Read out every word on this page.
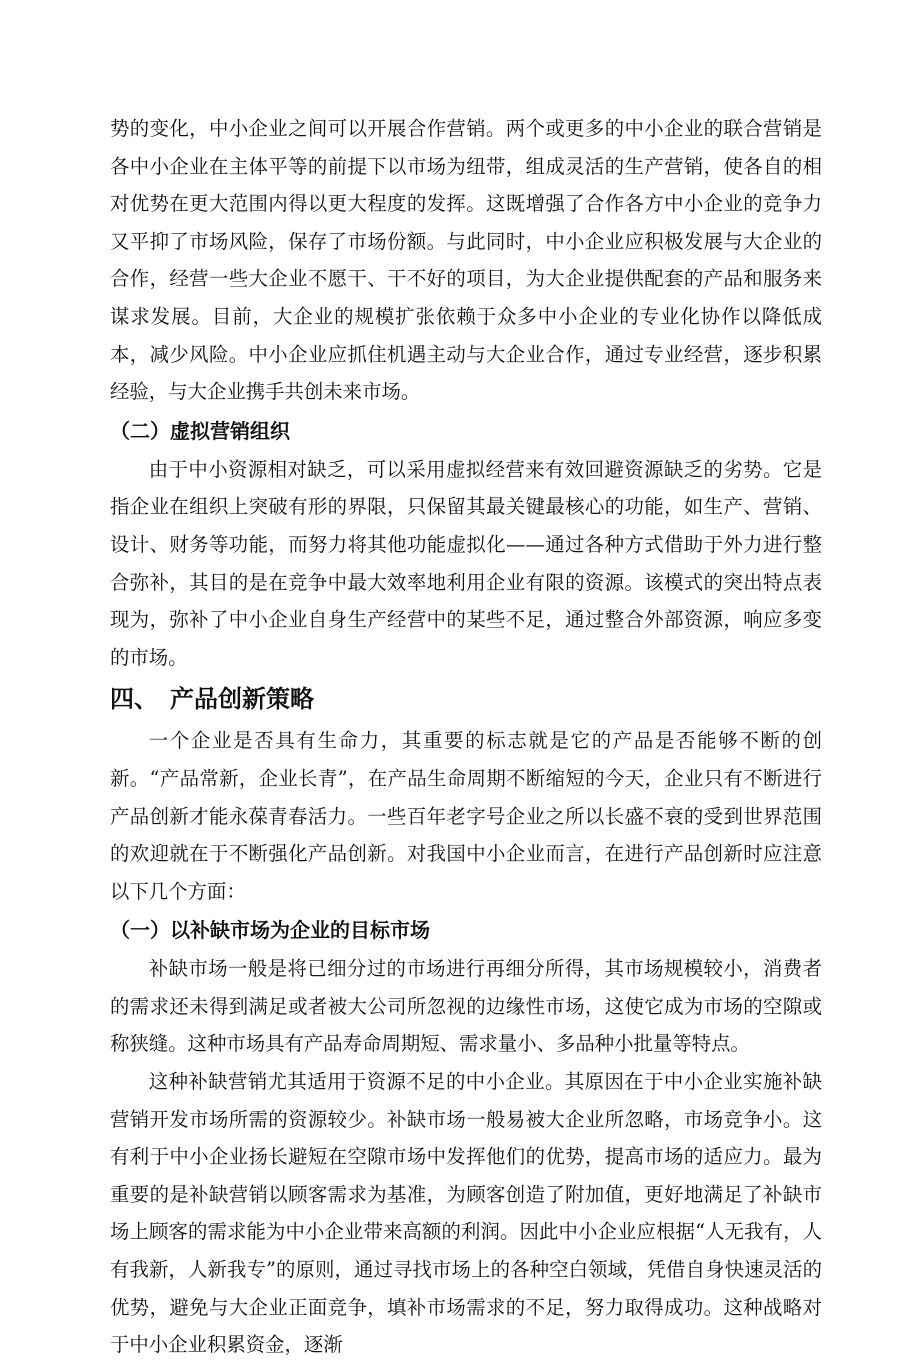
势的变化，中小企业之间可以开展合作营销。两个或更多的中小企业的联合营销是各中小企业在主体平等的前提下以市场为纽带，组成灵活的生产营销，使各自的相对优势在更大范围内得以更大程度的发挥。这既增强了合作各方中小企业的竞争力又平抑了市场风险，保存了市场份额。与此同时，中小企业应积极发展与大企业的合作，经营一些大企业不愿干、干不好的项目，为大企业提供配套的产品和服务来谋求发展。目前，大企业的规模扩张依赖于众多中小企业的专业化协作以降低成本，减少风险。中小企业应抓住机遇主动与大企业合作，通过专业经营，逐步积累经验，与大企业携手共创未来市场。

（二）虚拟营销组织

由于中小资源相对缺乏，可以采用虚拟经营来有效回避资源缺乏的劣势。它是指企业在组织上突破有形的界限，只保留其最关键最核心的功能，如生产、营销、设计、财务等功能，而努力将其他功能虚拟化——通过各种方式借助于外力进行整合弥补，其目的是在竞争中最大效率地利用企业有限的资源。该模式的突出特点表现为，弥补了中小企业自身生产经营中的某些不足，通过整合外部资源，响应多变的市场。

四、 产品创新策略

一个企业是否具有生命力，其重要的标志就是它的产品是否能够不断的创新。“产品常新，企业长青”，在产品生命周期不断缩短的今天，企业只有不断进行产品创新才能永葆青春活力。一些百年老字号企业之所以长盛不衰的受到世界范围的欢迎就在于不断强化产品创新。对我国中小企业而言，在进行产品创新时应注意以下几个方面：

（一）以补缺市场为企业的目标市场

补缺市场一般是将已细分过的市场进行再细分所得，其市场规模较小，消费者的需求还未得到满足或者被大公司所忽视的边缘性市场，这使它成为市场的空隙或称狭缝。这种市场具有产品寿命周期短、需求量小、多品种小批量等特点。

这种补缺营销尤其适用于资源不足的中小企业。其原因在于中小企业实施补缺营销开发市场所需的资源较少。补缺市场一般易被大企业所忽略，市场竞争小。这有利于中小企业扬长避短在空隙市场中发挥他们的优势，提高市场的适应力。最为重要的是补缺营销以顾客需求为基准，为顾客创造了附加值，更好地满足了补缺市场上顾客的需求能为中小企业带来高额的利润。因此中小企业应根据“人无我有，人有我新，人新我专”的原则，通过寻找市场上的各种空白领域，凭借自身快速灵活的优势，避免与大企业正面竞争，填补市场需求的不足，努力取得成功。这种战略对于中小企业积累资金，逐渐
